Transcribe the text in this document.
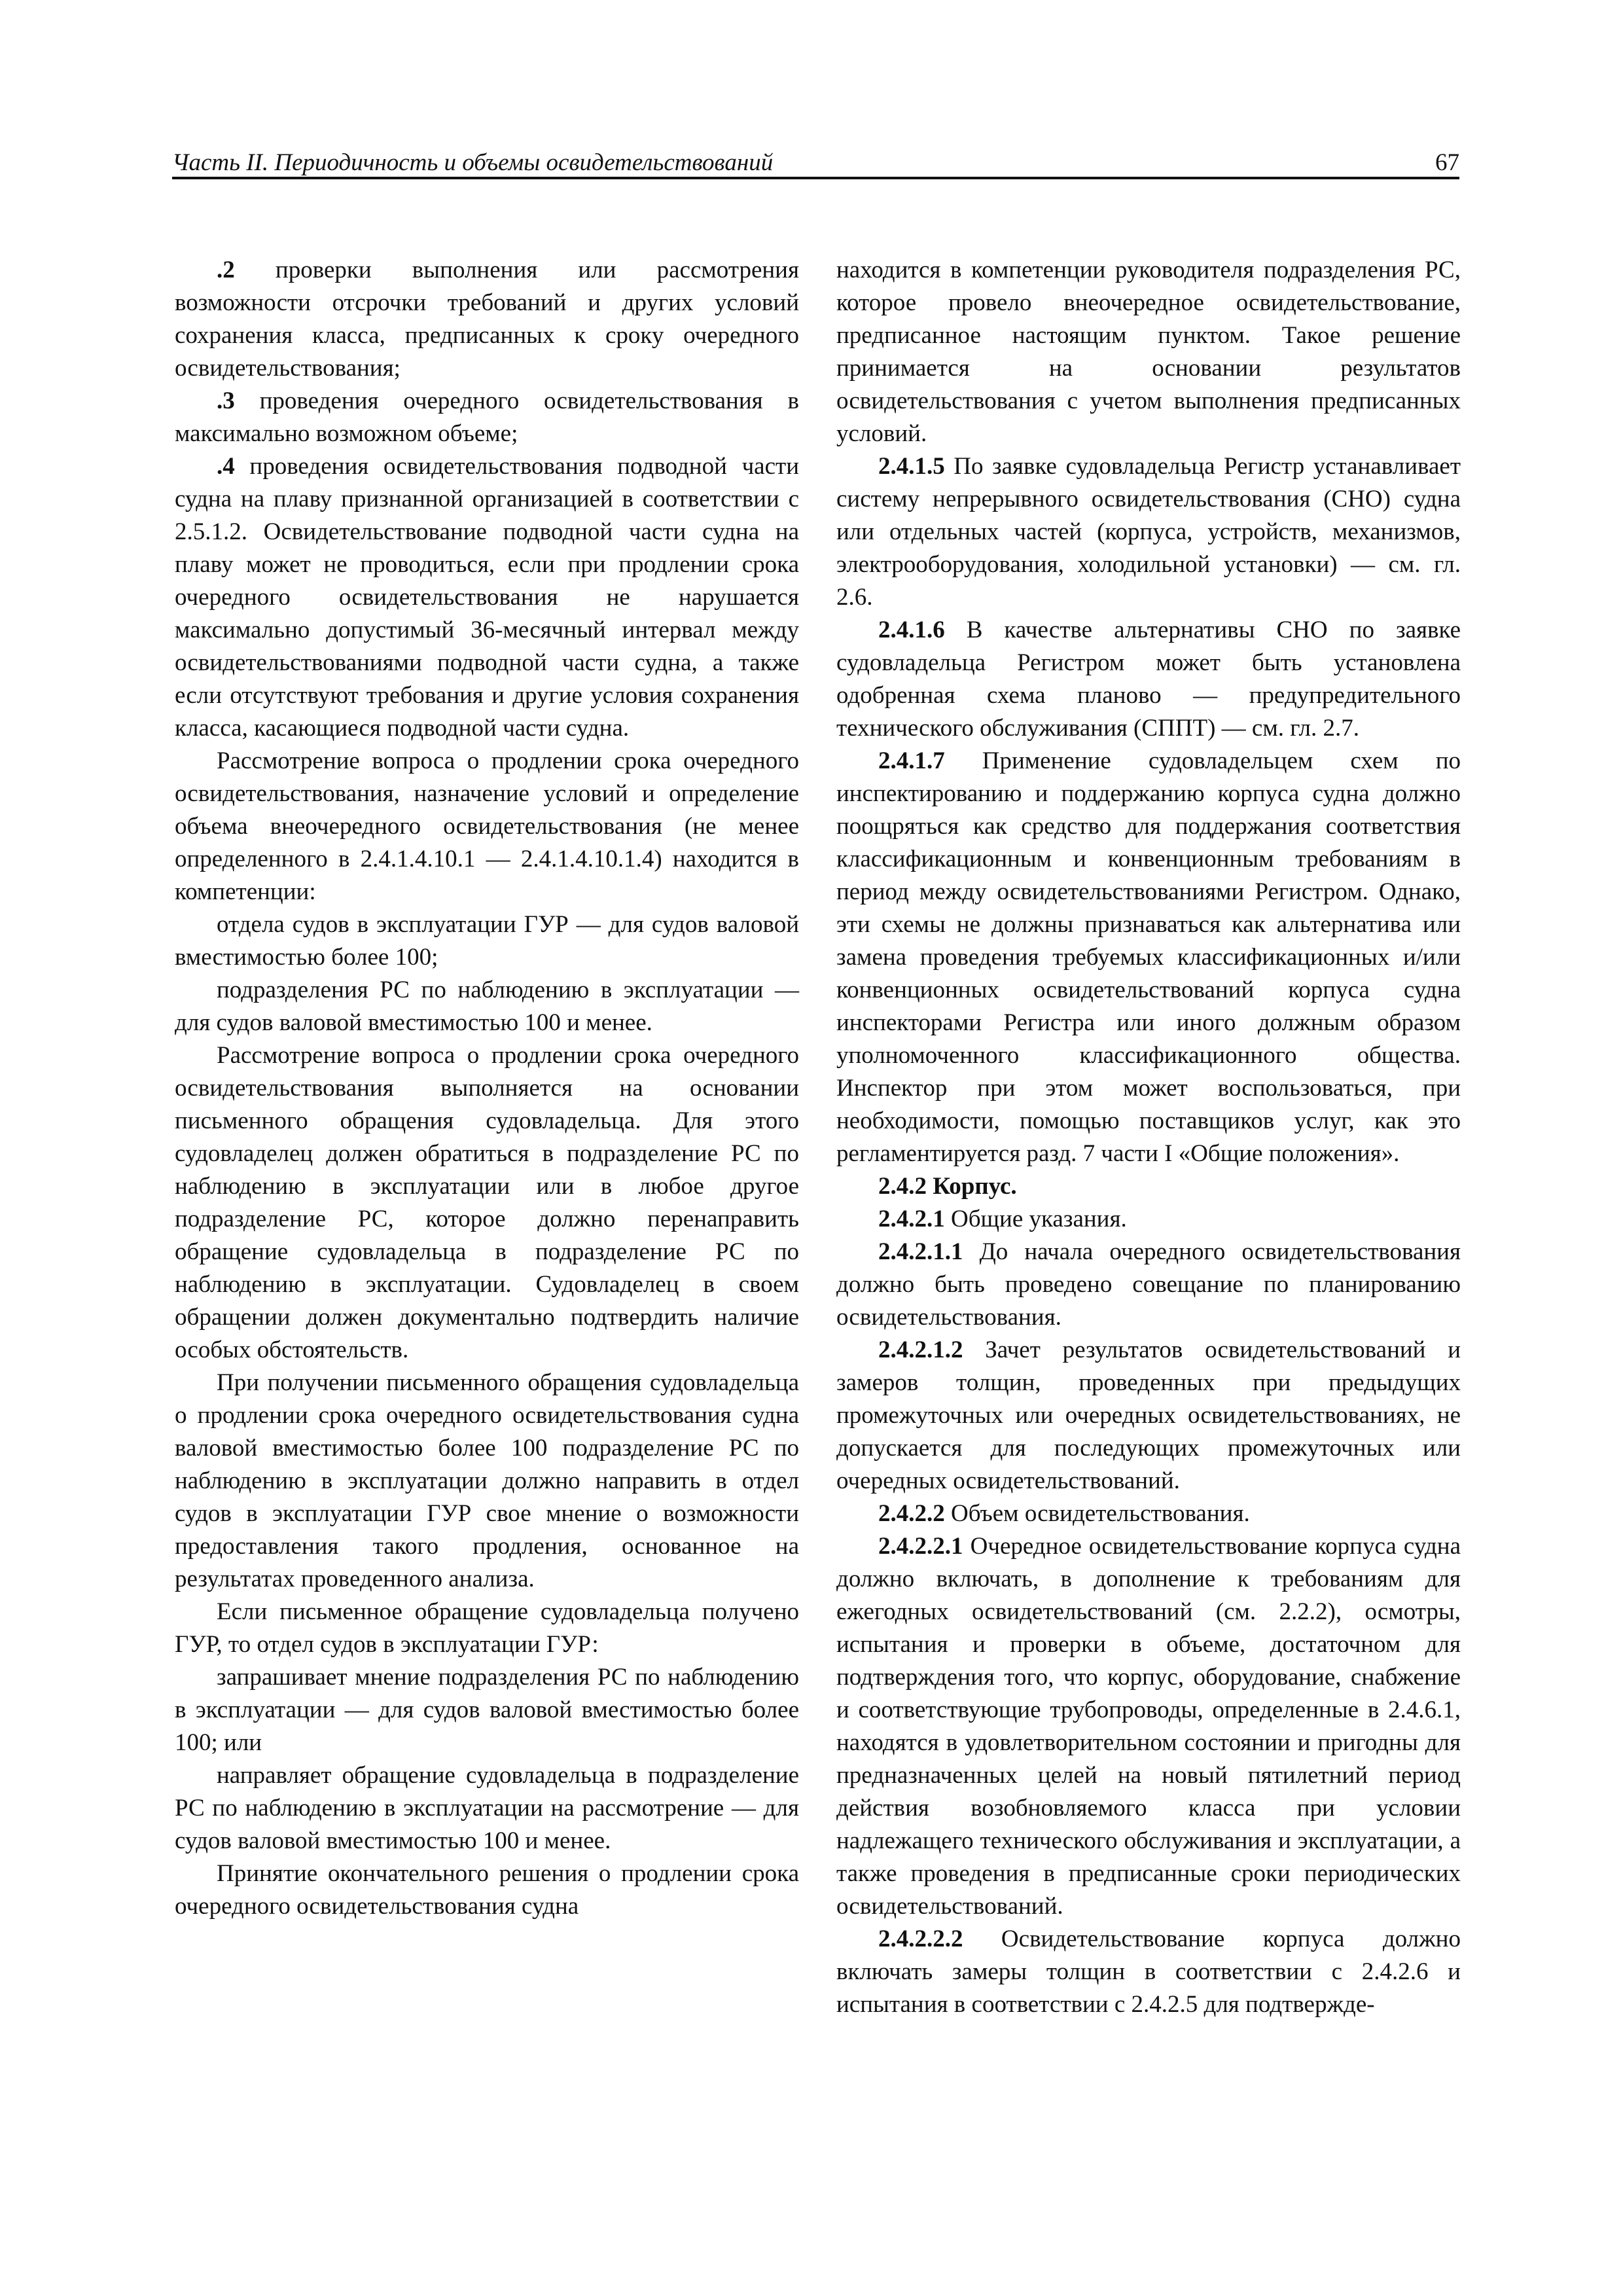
Часть II. Периодичность и объемы освидетельствований	67

.2 проверки выполнения или рассмотрения возможности отсрочки требований и других условий сохранения класса, предписанных к сроку очередного освидетельствования;

.3 проведения очередного освидетельствования в максимально возможном объеме;

.4 проведения освидетельствования подводной части судна на плаву признанной организацией в соответствии с 2.5.1.2. Освидетельствование подводной части судна на плаву может не проводиться, если при продлении срока очередного освидетельствования не нарушается максимально допустимый 36-месячный интервал между освидетельствованиями подводной части судна, а также если отсутствуют требования и другие условия сохранения класса, касающиеся подводной части судна.

Рассмотрение вопроса о продлении срока очередного освидетельствования, назначение условий и определение объема внеочередного освидетельствования (не менее определенного в 2.4.1.4.10.1 — 2.4.1.4.10.1.4) находится в компетенции:

отдела судов в эксплуатации ГУР — для судов валовой вместимостью более 100;

подразделения РС по наблюдению в эксплуатации — для судов валовой вместимостью 100 и менее.

Рассмотрение вопроса о продлении срока очередного освидетельствования выполняется на основании письменного обращения судовладельца. Для этого судовладелец должен обратиться в подразделение РС по наблюдению в эксплуатации или в любое другое подразделение РС, которое должно перенаправить обращение судовладельца в подразделение РС по наблюдению в эксплуатации. Судовладелец в своем обращении должен документально подтвердить наличие особых обстоятельств.

При получении письменного обращения судовладельца о продлении срока очередного освидетельствования судна валовой вместимостью более 100 подразделение РС по наблюдению в эксплуатации должно направить в отдел судов в эксплуатации ГУР свое мнение о возможности предоставления такого продления, основанное на результатах проведенного анализа.

Если письменное обращение судовладельца получено ГУР, то отдел судов в эксплуатации ГУР:

запрашивает мнение подразделения РС по наблюдению в эксплуатации — для судов валовой вместимостью более 100; или

направляет обращение судовладельца в подразделение РС по наблюдению в эксплуатации на рассмотрение — для судов валовой вместимостью 100 и менее.

Принятие окончательного решения о продлении срока очередного освидетельствования судна

находится в компетенции руководителя подразделения РС, которое провело внеочередное освидетельствование, предписанное настоящим пунктом. Такое решение принимается на основании результатов освидетельствования с учетом выполнения предписанных условий.

2.4.1.5 По заявке судовладельца Регистр устанавливает систему непрерывного освидетельствования (СНО) судна или отдельных частей (корпуса, устройств, механизмов, электрооборудования, холодильной установки) — см. гл. 2.6.

2.4.1.6 В качестве альтернативы СНО по заявке судовладельца Регистром может быть установлена одобренная схема планово — предупредительного технического обслуживания (СППТ) — см. гл. 2.7.

2.4.1.7 Применение судовладельцем схем по инспектированию и поддержанию корпуса судна должно поощряться как средство для поддержания соответствия классификационным и конвенционным требованиям в период между освидетельствованиями Регистром. Однако, эти схемы не должны признаваться как альтернатива или замена проведения требуемых классификационных и/или конвенционных освидетельствований корпуса судна инспекторами Регистра или иного должным образом уполномоченного классификационного общества. Инспектор при этом может воспользоваться, при необходимости, помощью поставщиков услуг, как это регламентируется разд. 7 части I «Общие положения».

2.4.2 Корпус.

2.4.2.1 Общие указания.

2.4.2.1.1 До начала очередного освидетельствования должно быть проведено совещание по планированию освидетельствования.

2.4.2.1.2 Зачет результатов освидетельствований и замеров толщин, проведенных при предыдущих промежуточных или очередных освидетельствованиях, не допускается для последующих промежуточных или очередных освидетельствований.

2.4.2.2 Объем освидетельствования.

2.4.2.2.1 Очередное освидетельствование корпуса судна должно включать, в дополнение к требованиям для ежегодных освидетельствований (см. 2.2.2), осмотры, испытания и проверки в объеме, достаточном для подтверждения того, что корпус, оборудование, снабжение и соответствующие трубопроводы, определенные в 2.4.6.1, находятся в удовлетворительном состоянии и пригодны для предназначенных целей на новый пятилетний период действия возобновляемого класса при условии надлежащего технического обслуживания и эксплуатации, а также проведения в предписанные сроки периодических освидетельствований.

2.4.2.2.2 Освидетельствование корпуса должно включать замеры толщин в соответствии с 2.4.2.6 и испытания в соответствии с 2.4.2.5 для подтвержде-
